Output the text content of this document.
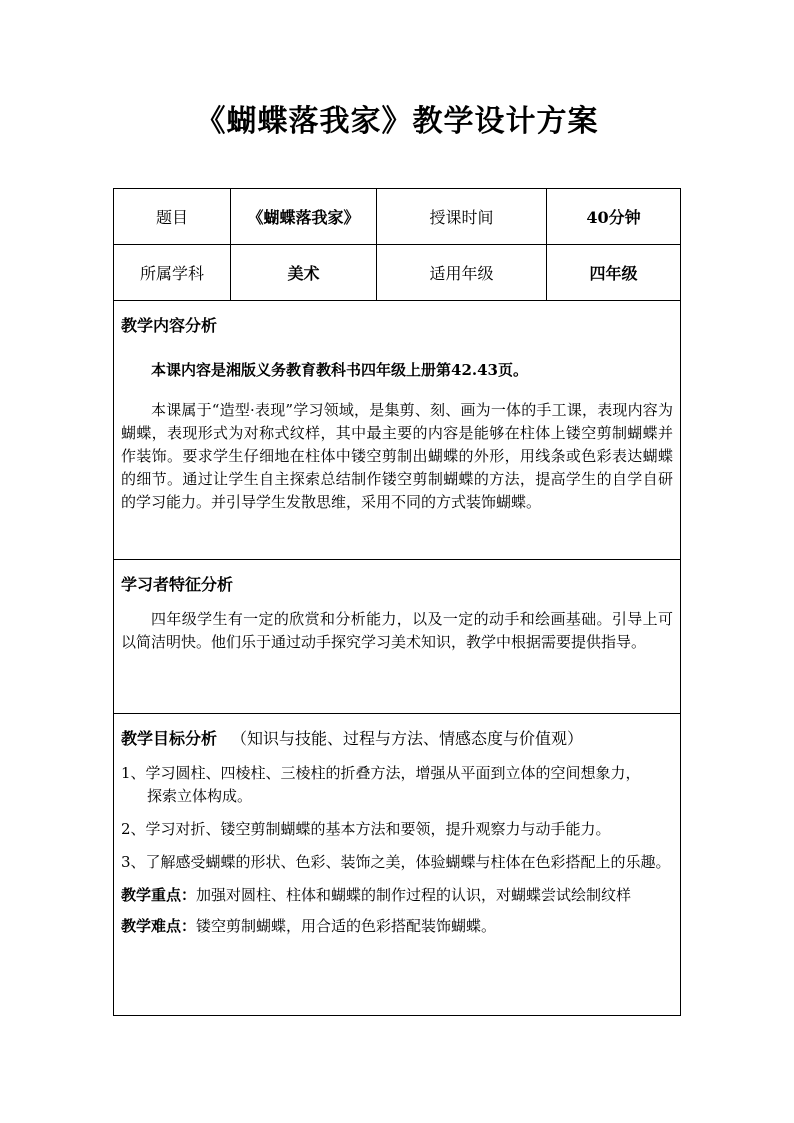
《蝴蝶落我家》教学设计方案
题目	《蝴蝶落我家》	授课时间	40分钟
所属学科	美术	适用年级	四年级
教学内容分析
本课内容是湘版义务教育教科书四年级上册第42.43页。

本课属于“造型·表现”学习领域，是集剪、刻、画为一体的手工课，表现内容为蝴蝶，表现形式为对称式纹样，其中最主要的内容是能够在柱体上镂空剪制蝴蝶并作装饰。要求学生仔细地在柱体中镂空剪制出蝴蝶的外形，用线条或色彩表达蝴蝶的细节。通过让学生自主探索总结制作镂空剪制蝴蝶的方法，提高学生的自学自研的学习能力。并引导学生发散思维，采用不同的方式装饰蝴蝶。

学习者特征分析

四年级学生有一定的欣赏和分析能力，以及一定的动手和绘画基础。引导上可以简洁明快。他们乐于通过动手探究学习美术知识，教学中根据需要提供指导。

教学目标分析 （知识与技能、过程与方法、情感态度与价值观）

1、学习圆柱、四棱柱、三棱柱的折叠方法，增强从平面到立体的空间想象力，
探索立体构成。

2、学习对折、镂空剪制蝴蝶的基本方法和要领，提升观察力与动手能力。

3、了解感受蝴蝶的形状、色彩、装饰之美，体验蝴蝶与柱体在色彩搭配上的乐趣。

教学重点：加强对圆柱、柱体和蝴蝶的制作过程的认识，对蝴蝶尝试绘制纹样

教学难点：镂空剪制蝴蝶，用合适的色彩搭配装饰蝴蝶。
